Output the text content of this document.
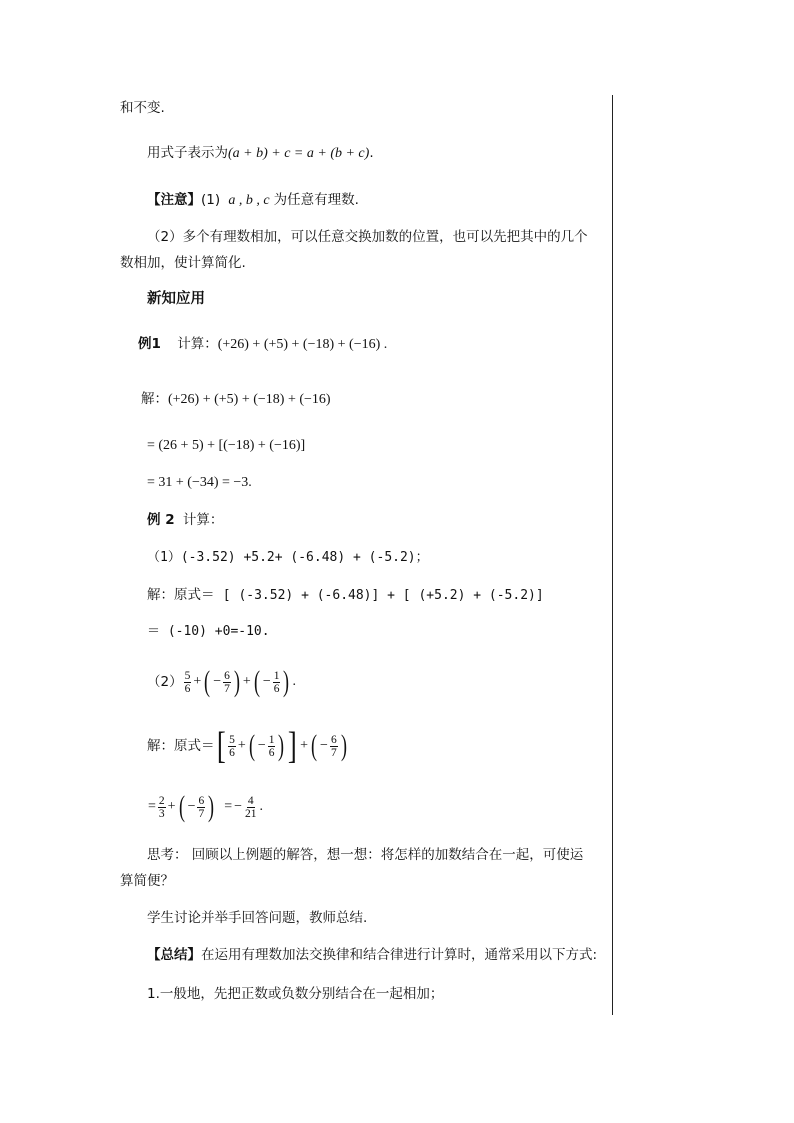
和不变.
用式子表示为(a + b) + c = a + (b + c).
【注意】(1) a , b , c 为任意有理数.
（2）多个有理数相加，可以任意交换加数的位置，也可以先把其中的几个
数相加，使计算简化.
新知应用
例1 计算：(+26) + (+5) + (−18) + (−16) .
解：(+26) + (+5) + (−18) + (−16)
= (26 + 5) + [(−18) + (−16)]
= 31 + (−34) = −3.
例 2 计算：
（1）(-3.52) +5.2+ (-6.48) + (-5.2)；
解：原式＝ [ (-3.52) + (-6.48)] + [ (+5.2) + (-5.2)]
＝ (-10) +0=-10.
$(2) \frac{5}{6}$ + ( − $\frac{6}{7}$ ) + ( − $\frac{1}{6}$ ) .
解：原式＝ [ $\frac{5}{6}$ + ( − $\frac{1}{6}$ ) ] + ( − $\frac{6}{7}$ )
= $\frac{2}{3}$ + ( − $\frac{6}{7}$ ) = − $\frac{4}{21}$ .
思考： 回顾以上例题的解答，想一想：将怎样的加数结合在一起，可使运
算简便？
学生讨论并举手回答问题，教师总结.
【总结】在运用有理数加法交换律和结合律进行计算时，通常采用以下方式:
1.一般地，先把正数或负数分别结合在一起相加；
